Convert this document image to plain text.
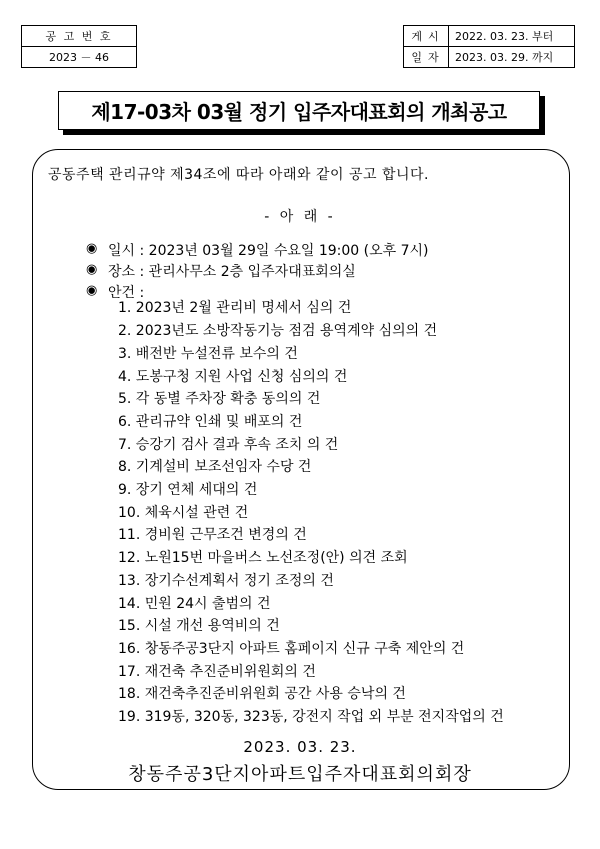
공 고 번 호
2023 － 46
게시	2022. 03. 23. 부터
일자	2023. 03. 29. 까지
제17-03차 03월 정기 입주자대표회의 개최공고
공동주택 관리규약 제34조에 따라 아래와 같이 공고 합니다.
- 아 래 -
◉ 일시 : 2023년 03월 29일 수요일 19:00 (오후 7시)
◉ 장소 : 관리사무소 2층 입주자대표회의실
◉ 안건 :
1. 2023년 2월 관리비 명세서 심의 건
2. 2023년도 소방작동기능 점검 용역계약 심의의 건
3. 배전반 누설전류 보수의 건
4. 도봉구청 지원 사업 신청 심의의 건
5. 각 동별 주차장 확충 동의의 건
6. 관리규약 인쇄 및 배포의 건
7. 승강기 검사 결과 후속 조치 의 건
8. 기계설비 보조선임자 수당 건
9. 장기 연체 세대의 건
10. 체육시설 관련 건
11. 경비원 근무조건 변경의 건
12. 노원15번 마을버스 노선조정(안) 의견 조회
13. 장기수선계획서 정기 조정의 건
14. 민원 24시 출범의 건
15. 시설 개선 용역비의 건
16. 창동주공3단지 아파트 홈페이지 신규 구축 제안의 건
17. 재건축 추진준비위원회의 건
18. 재건축추진준비위원회 공간 사용 승낙의 건
19. 319동, 320동, 323동, 강전지 작업 외 부분 전지작업의 건
2023. 03. 23.
창동주공3단지아파트입주자대표회의회장
